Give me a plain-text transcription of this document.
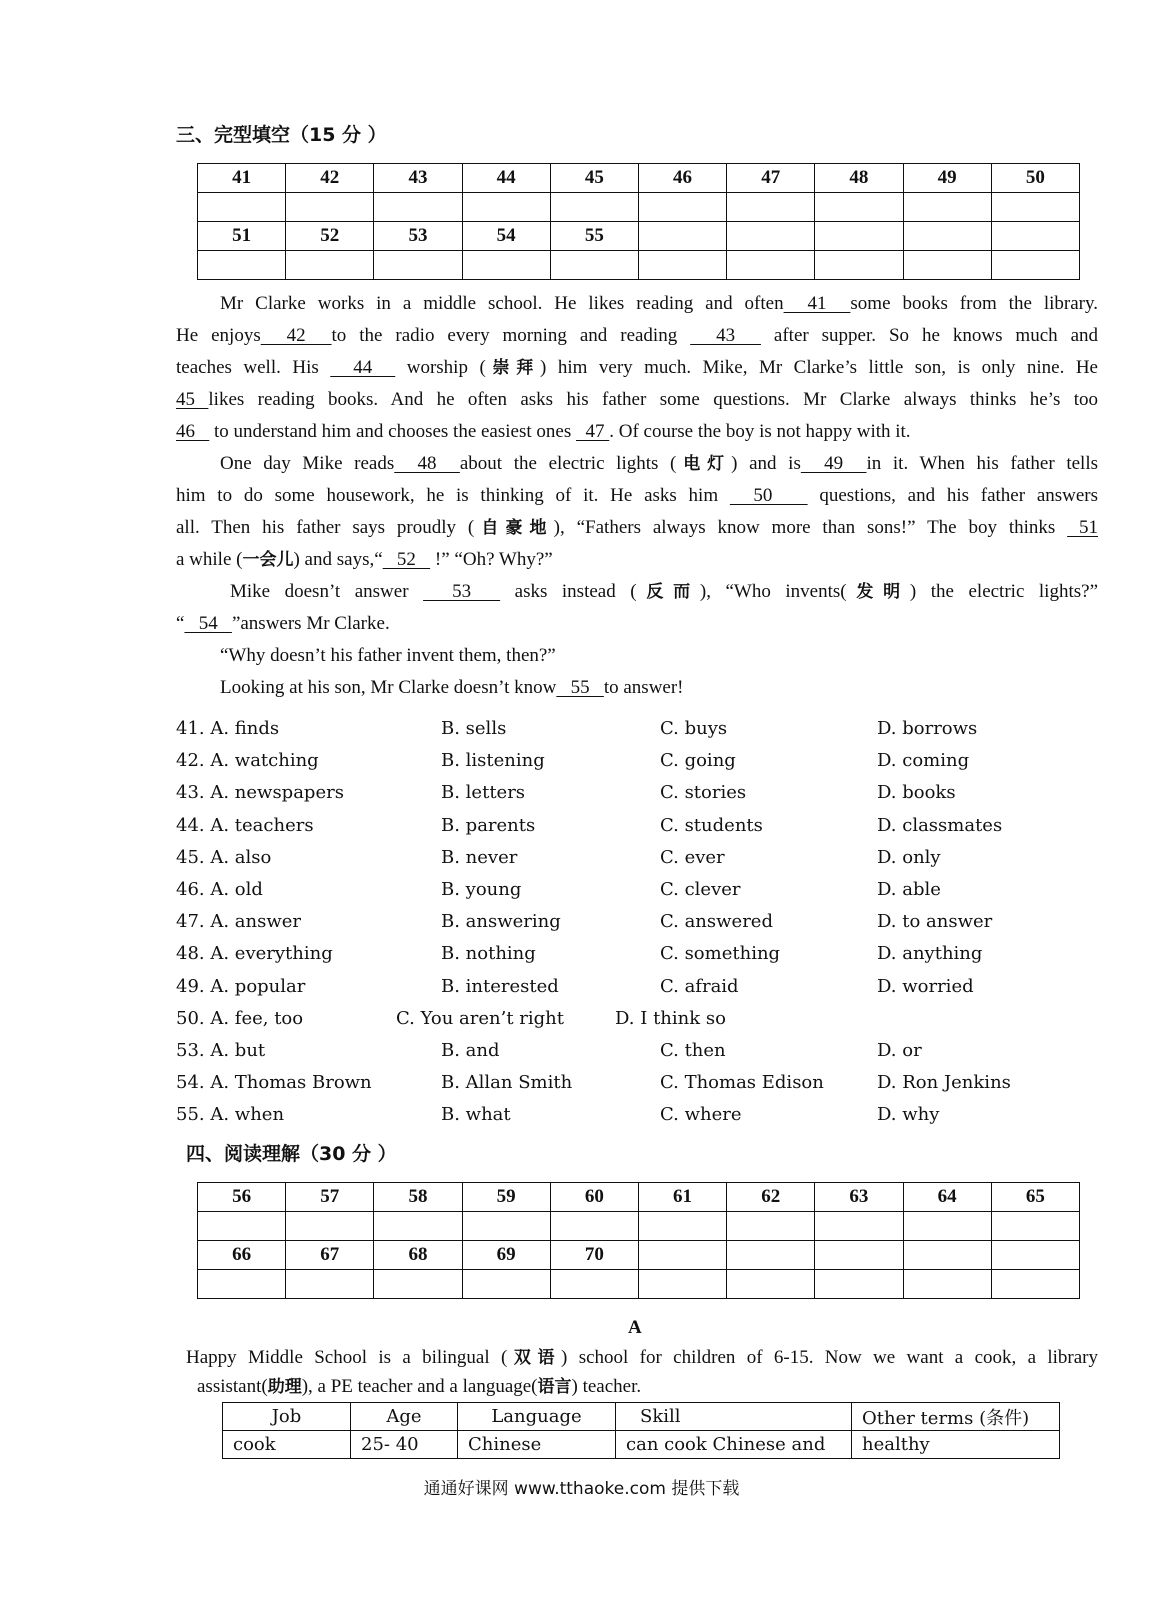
三、完型填空（15 分 ）
41	42	43	44	45	46	47	48	49	50

51	52	53	54	55					

Mr Clarke works in a middle school. He likes reading and often  41  some books from the library.
He enjoys  42  to the radio every morning and reading   43   after supper. So he knows much and
teaches well. His   44   worship (崇拜) him very much. Mike, Mr Clarke’s little son, is only nine. He
45 likes reading books. And he often asks his father some questions. Mr Clarke always thinks he’s too
46    to understand him and chooses the easiest ones   47 . Of course the boy is not happy with it.
One day Mike reads  48  about the electric lights (电灯) and is  49  in it. When his father tells
him to do some housework, he is thinking of it. He asks him   50    questions, and his father answers
all. Then his father says proudly (自豪地), “Fathers always know more than sons!” The boy thinks  51
a while (一会儿) and says,“   52    !” “Oh? Why?”
Mike doesn’t answer   53   asks instead (反而), “Who invents(发明) the electric lights?”
“   54   ”answers Mr Clarke.
“Why doesn’t his father invent them, then?”
Looking at his son, Mr Clarke doesn’t know   55   to answer!
41. A. finds	B. sells	C. buys	D. borrows
42. A. watching	B. listening	C. going	D. coming
43. A. newspapers	B. letters	C. stories	D. books
44. A. teachers	B. parents	C. students	D. classmates
45. A. also	B. never	C. ever	D. only
46. A. old	B. young	C. clever	D. able
47. A. answer	B. answering	C. answered	D. to answer
48. A. everything	B. nothing	C. something	D. anything
49. A. popular	B. interested	C. afraid	D. worried
50. A. fee, too	C. You aren’t right	D. I think so
53. A. but	B. and	C. then	D. or
54. A. Thomas Brown	B. Allan Smith	C. Thomas Edison	D. Ron Jenkins
55. A. when	B. what	C. where	D. why
四、阅读理解（30 分 ）
56	57	58	59	60	61	62	63	64	65

66	67	68	69	70					

A
Happy Middle School is a bilingual (双语) school for children of 6-15. Now we want a cook, a library
assistant(助理), a PE teacher and a language(语言) teacher.
Job	Age	Language	Skill	Other terms (条件)
cook	25- 40	Chinese	can cook Chinese and	healthy
通通好课网 www.tthaoke.com 提供下载
